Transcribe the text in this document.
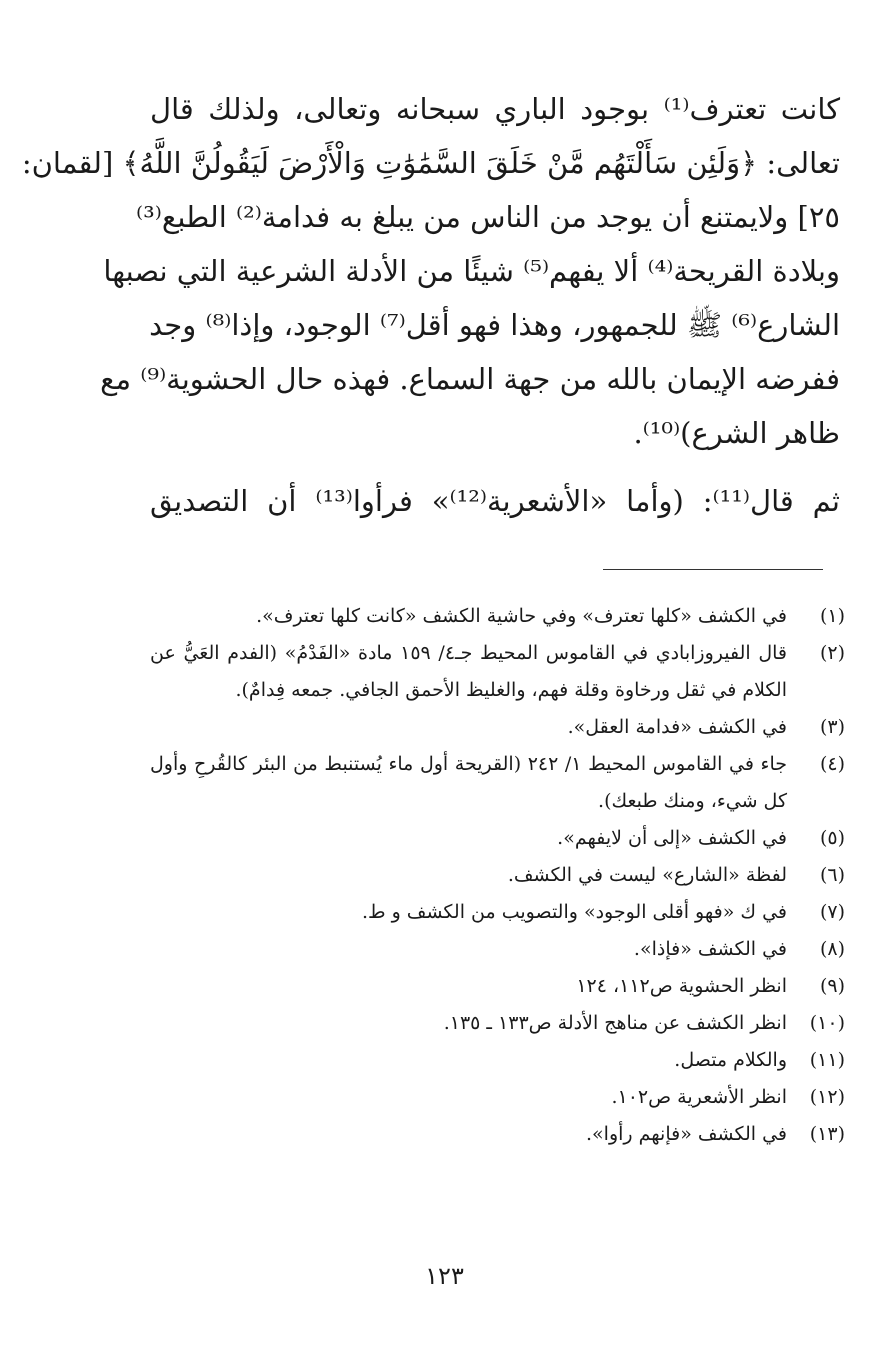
كانت تعترف⁽¹⁾ بوجود الباري سبحانه وتعالى، ولذلك قال
تعالى: ﴿وَلَئِن سَأَلْتَهُم مَّنْ خَلَقَ السَّمَٰوَٰتِ وَالْأَرْضَ لَيَقُولُنَّ اللَّهُ﴾ [لقمان:
٢٥] ولايمتنع أن يوجد من الناس من يبلغ به فدامة⁽²⁾ الطبع⁽³⁾
وبلادة القريحة⁽⁴⁾ ألا يفهم⁽⁵⁾ شيئًا من الأدلة الشرعية التي نصبها
الشارع⁽⁶⁾ ﷺ للجمهور، وهذا فهو أقل⁽⁷⁾ الوجود، وإذا⁽⁸⁾ وجد
ففرضه الإيمان بالله من جهة السماع. فهذه حال الحشوية⁽⁹⁾ مع
ظاهر الشرع)⁽¹⁰⁾.
ثم قال⁽¹¹⁾: (وأما «الأشعرية⁽¹²⁾» فرأوا⁽¹³⁾ أن التصديق
(١)
في الكشف «كلها تعترف» وفي حاشية الكشف «كانت كلها تعترف».
(٢)
قال الفيروزابادي في القاموس المحيط جـ٤/ ١٥٩ مادة «الفَدْمُ» (الفدم العَيُّ عن الكلام في ثقل ورخاوة وقلة فهم، والغليظ الأحمق الجافي. جمعه فِدامٌ).
(٣)
في الكشف «فدامة العقل».
(٤)
جاء في القاموس المحيط ١/ ٢٤٢ (القريحة أول ماء يُستنبط من البئر كالقُرحِ وأول كل شيء، ومنك طبعك).
(٥)
في الكشف «إلى أن لايفهم».
(٦)
لفظة «الشارع» ليست في الكشف.
(٧)
في ك «فهو أقلى الوجود» والتصويب من الكشف و ط.
(٨)
في الكشف «فإذا».
(٩)
انظر الحشوية ص١١٢، ١٢٤
(١٠)
انظر الكشف عن مناهج الأدلة ص١٣٣ ـ ١٣٥.
(١١)
والكلام متصل.
(١٢)
انظر الأشعرية ص١٠٢.
(١٣)
في الكشف «فإنهم رأوا».
١٢٣
